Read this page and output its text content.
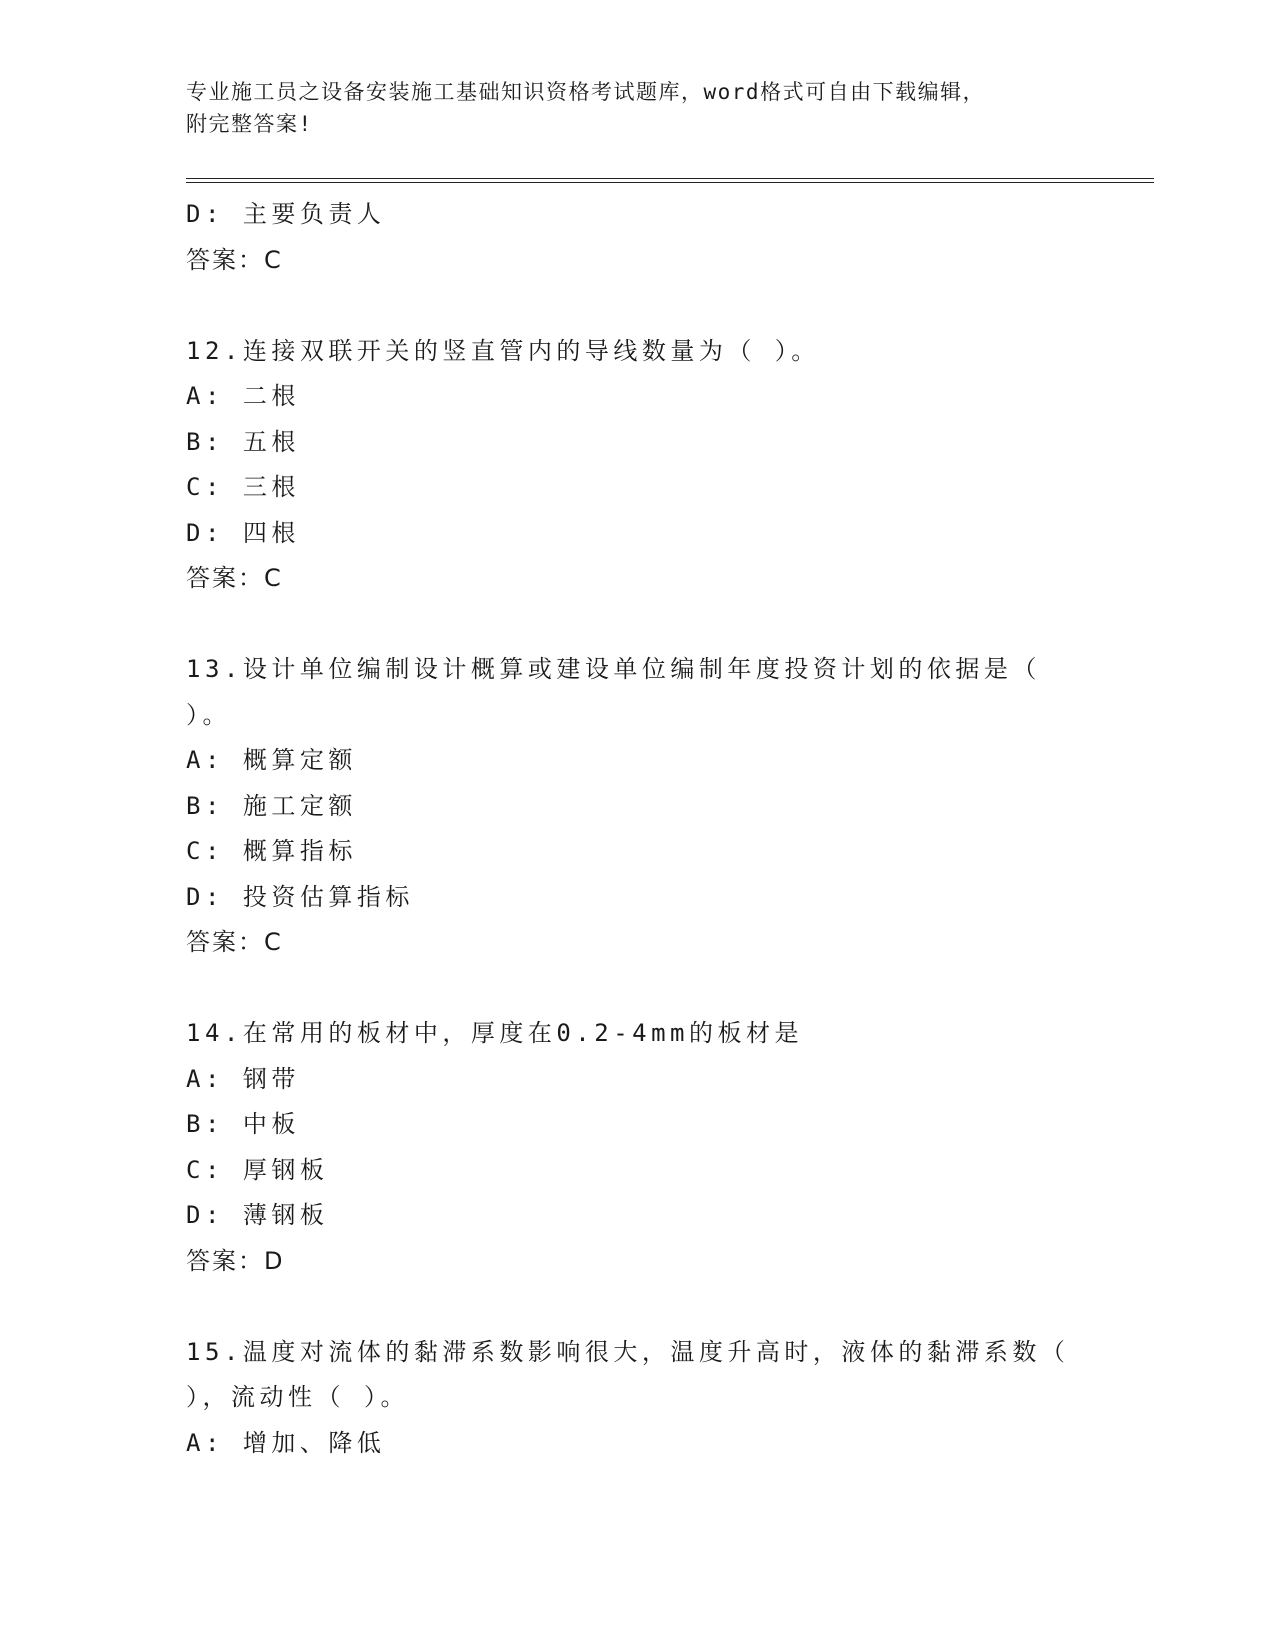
专业施工员之设备安装施工基础知识资格考试题库，word格式可自由下载编辑，
附完整答案!
D: 主要负责人
答案：C
12.连接双联开关的竖直管内的导线数量为（ ）。
A: 二根
B: 五根
C: 三根
D: 四根
答案：C
13.设计单位编制设计概算或建设单位编制年度投资计划的依据是（
）。
A: 概算定额
B: 施工定额
C: 概算指标
D: 投资估算指标
答案：C
14.在常用的板材中，厚度在0.2-4mm的板材是
A: 钢带
B: 中板
C: 厚钢板
D: 薄钢板
答案：D
15.温度对流体的黏滞系数影响很大，温度升高时，液体的黏滞系数（
），流动性（ ）。
A: 增加、降低
